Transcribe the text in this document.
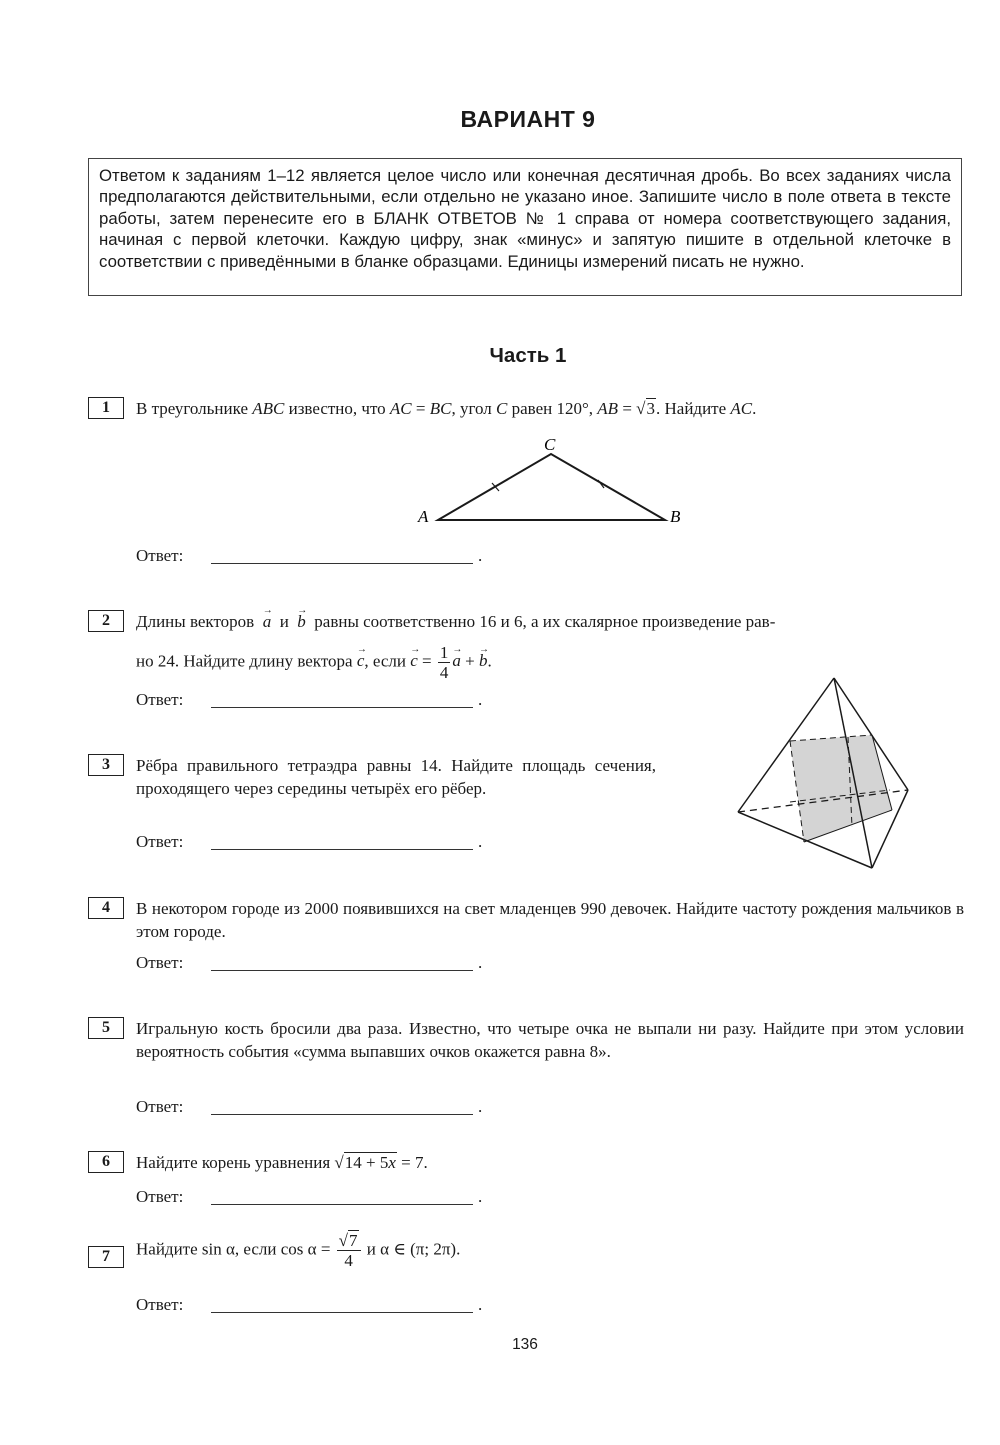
ВАРИАНТ 9
Ответом к заданиям 1–12 является целое число или конечная десятичная дробь. Во всех заданиях числа предполагаются действительными, если отдельно не указано иное. Запишите число в поле ответа в тексте работы, затем перенесите его в БЛАНК ОТВЕТОВ № 1 справа от номера соответствующего задания, начиная с первой клеточки. Каждую цифру, знак «минус» и запятую пишите в отдельной клеточке в соответствии с приведёнными в бланке образцами. Единицы измерений писать не нужно.
Часть 1
1	В треугольнике ABC известно, что AC = BC, угол C равен 120°, AB = √3. Найдите AC.
A	B
C
Ответ:	.
2	Длины векторов  → a и  → b равны соответственно 16 и 6, а их скалярное произведение рав-
но 24. Найдите длину вектора → c, если → $c = \frac{1}{4}$
→ a + → b.
Ответ:	.
3	Рёбра правильного тетраэдра равны 14. Найдите площадь сечения, проходящего через середины четырёх его рёбер.
Ответ:	.
4	В некотором городе из 2000 появившихся на свет младенцев 990 девочек. Найдите частоту рождения мальчиков в этом городе.
Ответ:	.
5	Игральную кость бросили два раза. Известно, что четыре очка не выпали ни разу. Найдите при этом условии вероятность события «сумма выпавших очков окажется равна 8».
Ответ:	.
6	Найдите корень уравнения √14 + 5x = 7.
Ответ:	.
7	Найдите sin α, если $\cos \alpha = \frac{√7}{4}$ и α ∈ (π; 2π).
Ответ:	.
136
